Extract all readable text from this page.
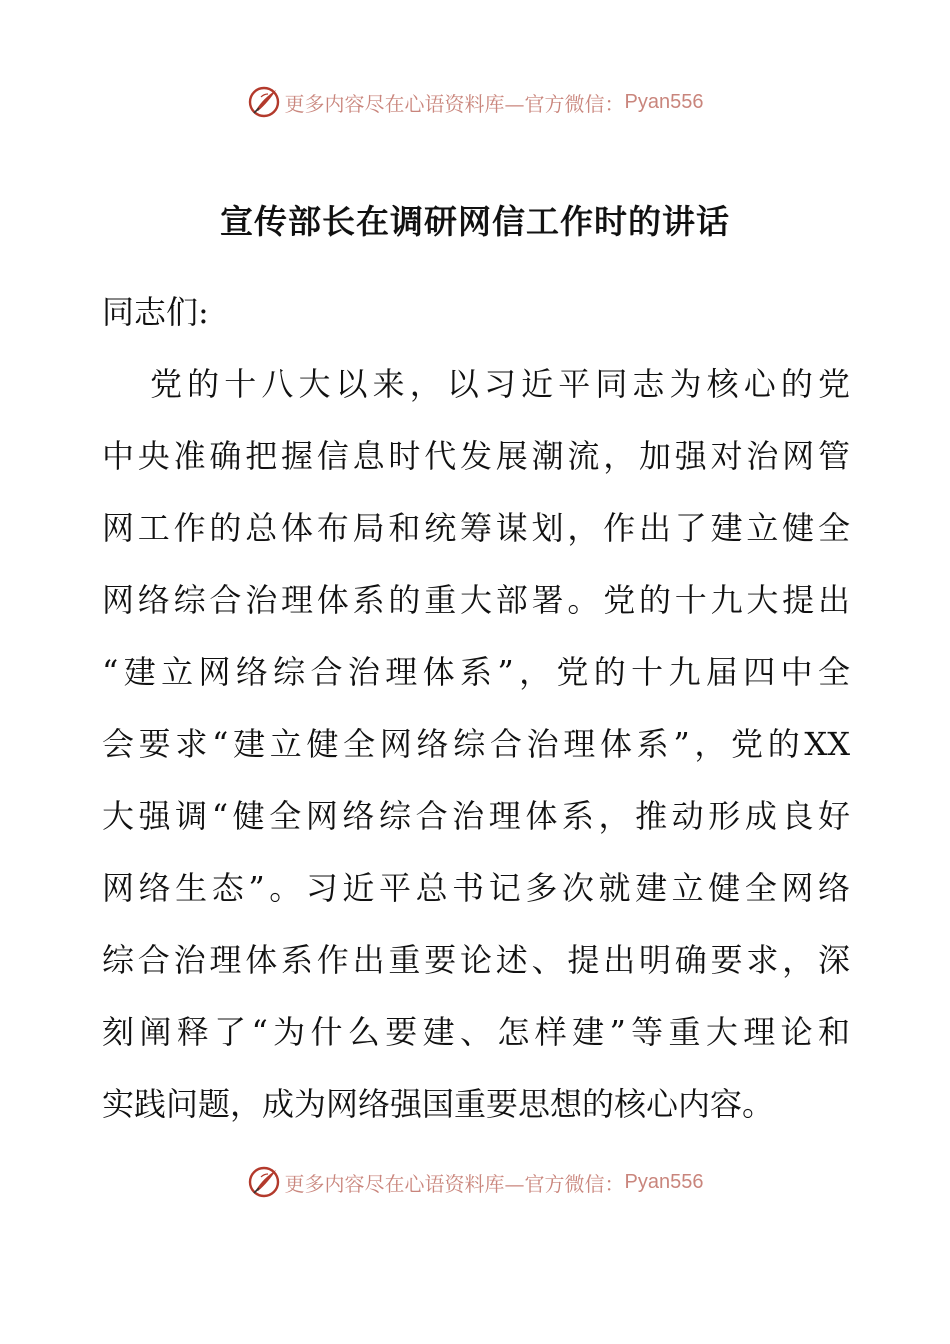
更多内容尽在心语资料库—官方微信： Pyan556
宣传部长在调研网信工作时的讲话
同志们:
党的十八大以来，以习近平同志为核心的党
中央准确把握信息时代发展潮流，加强对治网管
网工作的总体布局和统筹谋划，作出了建立健全
网络综合治理体系的重大部署。党的十九大提出
“建立网络综合治理体系”，党的十九届四中全
会要求“建立健全网络综合治理体系”，党的XX
大强调“健全网络综合治理体系，推动形成良好
网络生态”。习近平总书记多次就建立健全网络
综合治理体系作出重要论述、提出明确要求，深
刻阐释了“为什么要建、怎样建”等重大理论和
实践问题，成为网络强国重要思想的核心内容。
更多内容尽在心语资料库—官方微信： Pyan556
